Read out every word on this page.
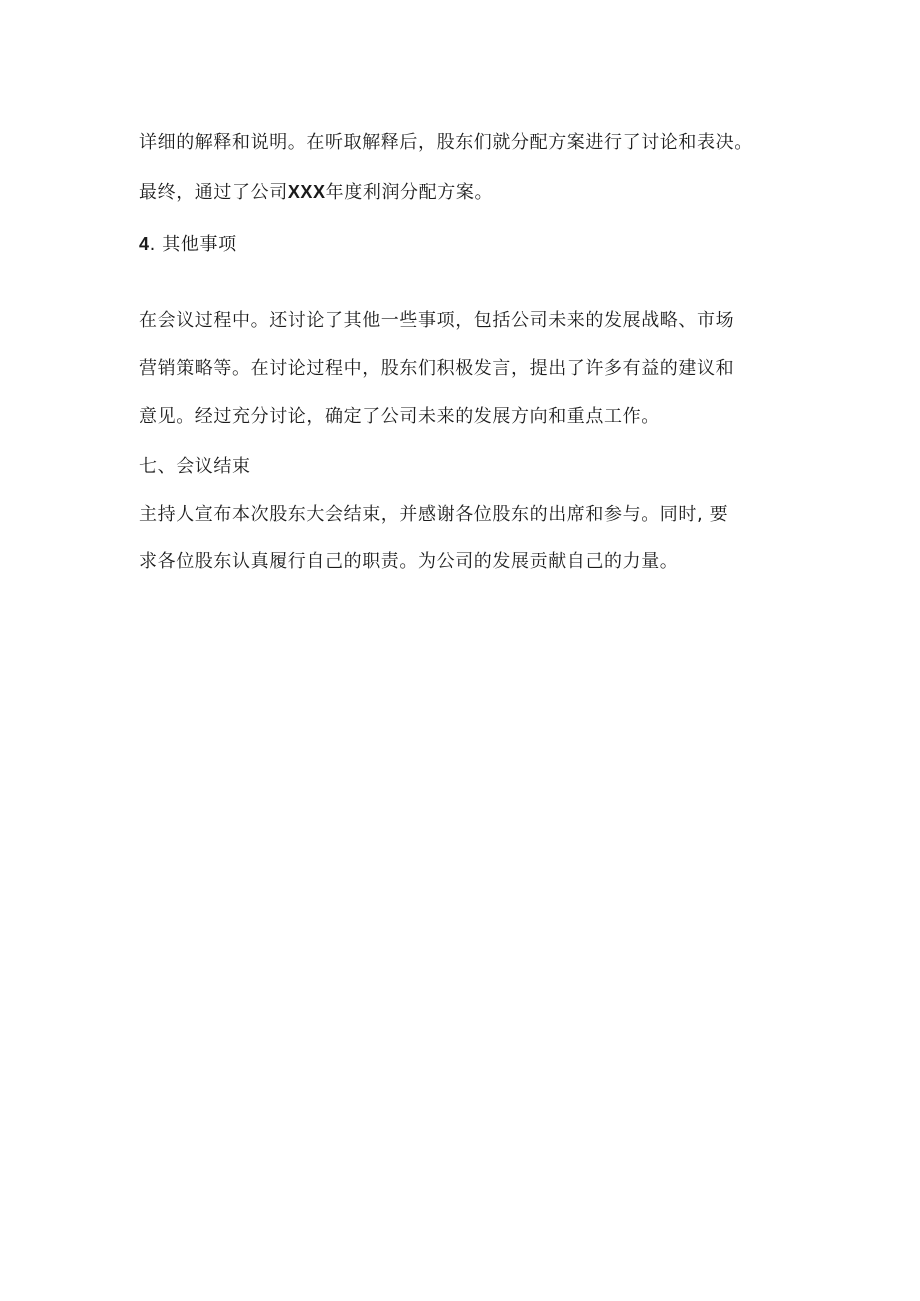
详细的解释和说明。在听取解释后，股东们就分配方案进行了讨论和表决。
最终，通过了公司XXX年度利润分配方案。
4. 其他事项
在会议过程中。还讨论了其他一些事项，包括公司未来的发展战略、市场
营销策略等。在讨论过程中，股东们积极发言，提出了许多有益的建议和
意见。经过充分讨论，确定了公司未来的发展方向和重点工作。
七、会议结束
主持人宣布本次股东大会结束，并感谢各位股东的出席和参与。同时, 要
求各位股东认真履行自己的职责。为公司的发展贡献自己的力量。
